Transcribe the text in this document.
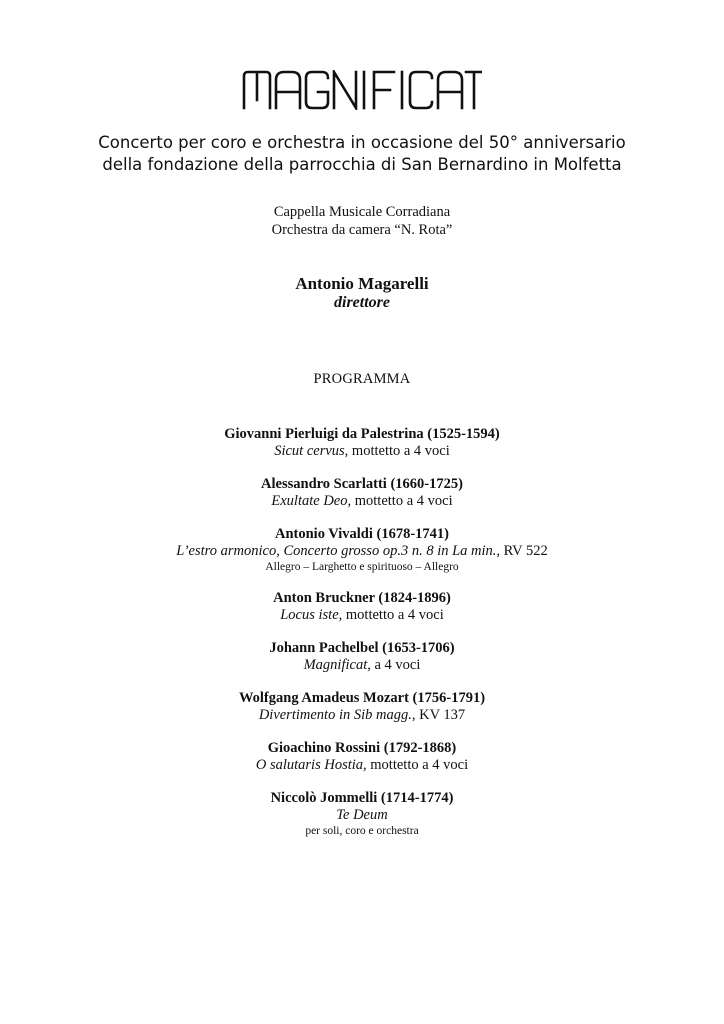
Concerto per coro e orchestra in occasione del 50° anniversario
della fondazione della parrocchia di San Bernardino in Molfetta
Cappella Musicale Corradiana
Orchestra da camera “N. Rota”
Antonio Magarelli
direttore
PROGRAMMA
Giovanni Pierluigi da Palestrina (1525-1594)
Sicut cervus, mottetto a 4 voci
Alessandro Scarlatti (1660-1725)
Exultate Deo, mottetto a 4 voci
Antonio Vivaldi (1678-1741)
L’estro armonico, Concerto grosso op.3 n. 8 in La min., RV 522
Allegro – Larghetto e spirituoso – Allegro
Anton Bruckner (1824-1896)
Locus iste, mottetto a 4 voci
Johann Pachelbel (1653-1706)
Magnificat, a 4 voci
Wolfgang Amadeus Mozart (1756-1791)
Divertimento in Sib magg., KV 137
Gioachino Rossini (1792-1868)
O salutaris Hostia, mottetto a 4 voci
Niccolò Jommelli (1714-1774)
Te Deum
per soli, coro e orchestra
